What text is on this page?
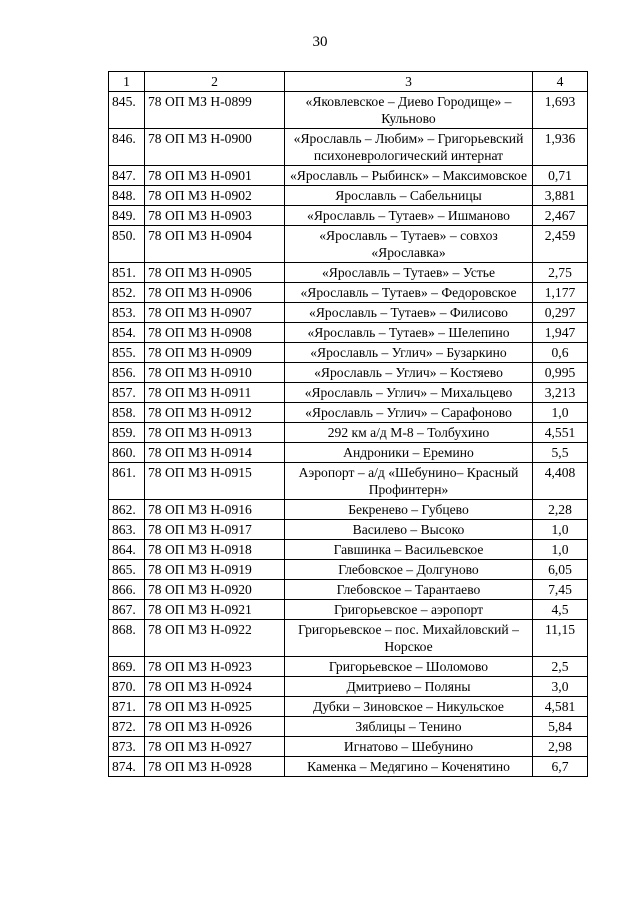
30
1	2	3	4
845.	78 ОП МЗ Н-0899	«Яковлевское – Диево Городище» – Кульново	1,693
846.	78 ОП МЗ Н-0900	«Ярославль – Любим» – Григорьевский психоневрологический интернат	1,936
847.	78 ОП МЗ Н-0901	«Ярославль – Рыбинск» – Максимовское	0,71
848.	78 ОП МЗ Н-0902	Ярославль – Сабельницы	3,881
849.	78 ОП МЗ Н-0903	«Ярославль – Тутаев» – Ишманово	2,467
850.	78 ОП МЗ Н-0904	«Ярославль – Тутаев» – совхоз «Ярославка»	2,459
851.	78 ОП МЗ Н-0905	«Ярославль – Тутаев» – Устье	2,75
852.	78 ОП МЗ Н-0906	«Ярославль – Тутаев» – Федоровское	1,177
853.	78 ОП МЗ Н-0907	«Ярославль – Тутаев» – Филисово	0,297
854.	78 ОП МЗ Н-0908	«Ярославль – Тутаев» – Шелепино	1,947
855.	78 ОП МЗ Н-0909	«Ярославль – Углич» – Бузаркино	0,6
856.	78 ОП МЗ Н-0910	«Ярославль – Углич» – Костяево	0,995
857.	78 ОП МЗ Н-0911	«Ярославль – Углич» – Михальцево	3,213
858.	78 ОП МЗ Н-0912	«Ярославль – Углич» – Сарафоново	1,0
859.	78 ОП МЗ Н-0913	292 км а/д М-8 – Толбухино	4,551
860.	78 ОП МЗ Н-0914	Андроники – Еремино	5,5
861.	78 ОП МЗ Н-0915	Аэропорт – а/д «Шебунино– Красный Профинтерн»	4,408
862.	78 ОП МЗ Н-0916	Бекренево – Губцево	2,28
863.	78 ОП МЗ Н-0917	Василево – Высоко	1,0
864.	78 ОП МЗ Н-0918	Гавшинка – Васильевское	1,0
865.	78 ОП МЗ Н-0919	Глебовское – Долгуново	6,05
866.	78 ОП МЗ Н-0920	Глебовское – Тарантаево	7,45
867.	78 ОП МЗ Н-0921	Григорьевское – аэропорт	4,5
868.	78 ОП МЗ Н-0922	Григорьевское – пос. Михайловский – Норское	11,15
869.	78 ОП МЗ Н-0923	Григорьевское – Шоломово	2,5
870.	78 ОП МЗ Н-0924	Дмитриево – Поляны	3,0
871.	78 ОП МЗ Н-0925	Дубки – Зиновское – Никульское	4,581
872.	78 ОП МЗ Н-0926	Зяблицы – Тенино	5,84
873.	78 ОП МЗ Н-0927	Игнатово – Шебунино	2,98
874.	78 ОП МЗ Н-0928	Каменка – Медягино – Коченятино	6,7
